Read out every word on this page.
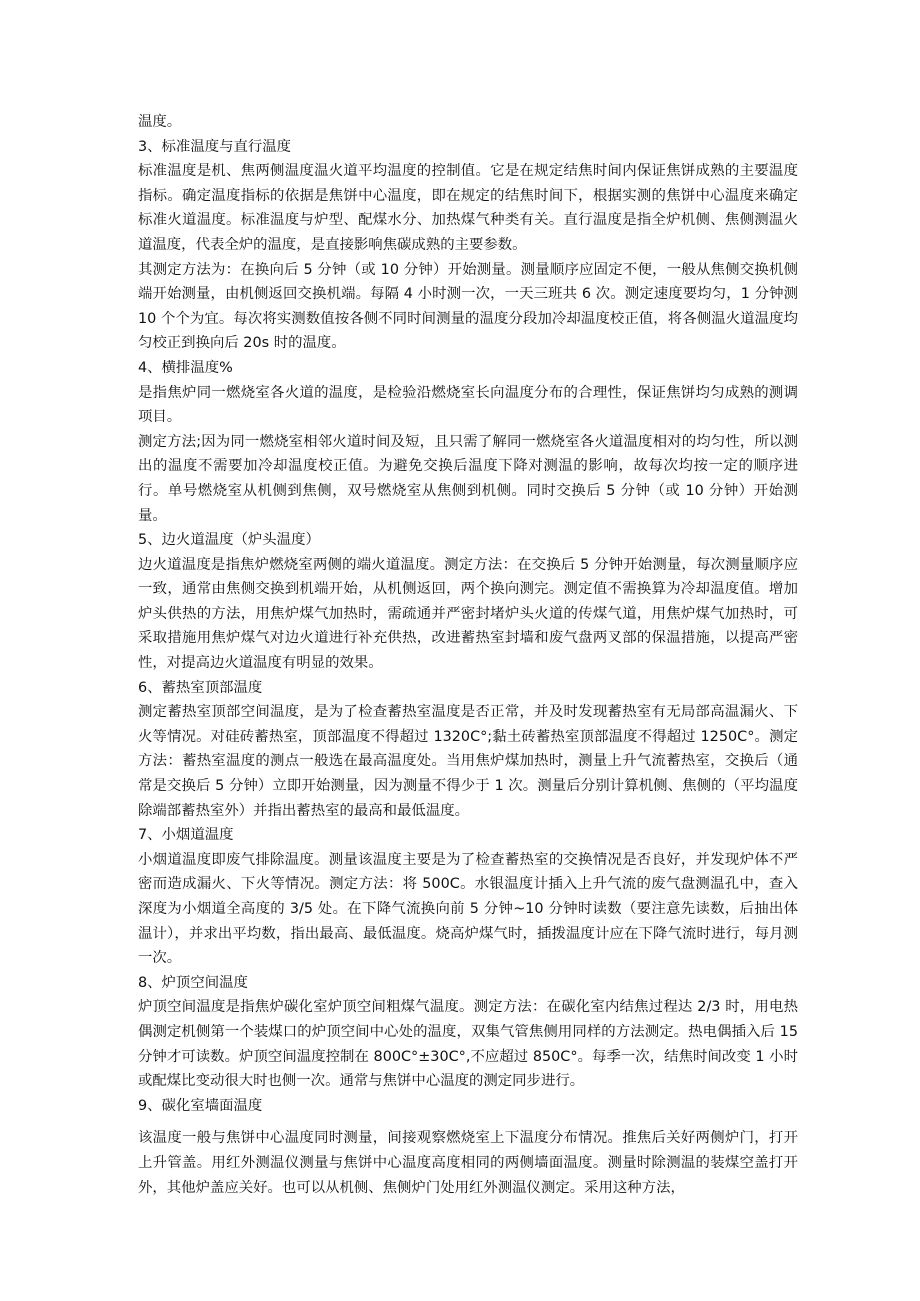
温度。

3、标准温度与直行温度

标准温度是机、焦两侧温度温火道平均温度的控制值。它是在规定结焦时间内保证焦饼成熟的主要温度指标。确定温度指标的依据是焦饼中心温度，即在规定的结焦时间下，根据实测的焦饼中心温度来确定标准火道温度。标准温度与炉型、配煤水分、加热煤气种类有关。直行温度是指全炉机侧、焦侧测温火道温度，代表全炉的温度，是直接影响焦碳成熟的主要参数。

其测定方法为：在换向后 5 分钟（或 10 分钟）开始测量。测量顺序应固定不便，一般从焦侧交换机侧端开始测量，由机侧返回交换机端。每隔 4 小时测一次，一天三班共 6 次。测定速度要均匀，1 分钟测 10 个个为宜。每次将实测数值按各侧不同时间测量的温度分段加冷却温度校正值，将各侧温火道温度均匀校正到换向后 20s 时的温度。

4、横排温度%

是指焦炉同一燃烧室各火道的温度，是检验沿燃烧室长向温度分布的合理性，保证焦饼均匀成熟的测调项目。

测定方法;因为同一燃烧室相邻火道时间及短，且只需了解同一燃烧室各火道温度相对的均匀性，所以测出的温度不需要加冷却温度校正值。为避免交换后温度下降对测温的影响，故每次均按一定的顺序进行。单号燃烧室从机侧到焦侧，双号燃烧室从焦侧到机侧。同时交换后 5 分钟（或 10 分钟）开始测量。

5、边火道温度（炉头温度）

边火道温度是指焦炉燃烧室两侧的端火道温度。测定方法：在交换后 5 分钟开始测量，每次测量顺序应一致，通常由焦侧交换到机端开始，从机侧返回，两个换向测完。测定值不需换算为冷却温度值。增加炉头供热的方法，用焦炉煤气加热时，需疏通并严密封堵炉头火道的传煤气道，用焦炉煤气加热时，可采取措施用焦炉煤气对边火道进行补充供热，改进蓄热室封墙和废气盘两叉部的保温措施，以提高严密性，对提高边火道温度有明显的效果。

6、蓄热室顶部温度

测定蓄热室顶部空间温度，是为了检查蓄热室温度是否正常，并及时发现蓄热室有无局部高温漏火、下火等情况。对硅砖蓄热室，顶部温度不得超过 1320C°;黏土砖蓄热室顶部温度不得超过 1250C°。测定方法：蓄热室温度的测点一般选在最高温度处。当用焦炉煤加热时，测量上升气流蓄热室，交换后（通常是交换后 5 分钟）立即开始测量，因为测量不得少于 1 次。测量后分别计算机侧、焦侧的（平均温度除端部蓄热室外）并指出蓄热室的最高和最低温度。

7、小烟道温度

小烟道温度即废气排除温度。测量该温度主要是为了检查蓄热室的交换情况是否良好，并发现炉体不严密而造成漏火、下火等情况。测定方法：将 500C。水银温度计插入上升气流的废气盘测温孔中，查入深度为小烟道全高度的 3/5 处。在下降气流换向前 5 分钟~10 分钟时读数（要注意先读数，后抽出体温计），并求出平均数，指出最高、最低温度。烧高炉煤气时，插拨温度计应在下降气流时进行，每月测一次。

8、炉顶空间温度

炉顶空间温度是指焦炉碳化室炉顶空间粗煤气温度。测定方法：在碳化室内结焦过程达 2/3 时，用电热偶测定机侧第一个装煤口的炉顶空间中心处的温度，双集气管焦侧用同样的方法测定。热电偶插入后 15 分钟才可读数。炉顶空间温度控制在 800C°±30C°,不应超过 850C°。每季一次，结焦时间改变 1 小时或配煤比变动很大时也侧一次。通常与焦饼中心温度的测定同步进行。

9、碳化室墙面温度

该温度一般与焦饼中心温度同时测量，间接观察燃烧室上下温度分布情况。推焦后关好两侧炉门，打开上升管盖。用红外测温仪测量与焦饼中心温度高度相同的两侧墙面温度。测量时除测温的装煤空盖打开外，其他炉盖应关好。也可以从机侧、焦侧炉门处用红外测温仪测定。采用这种方法，
